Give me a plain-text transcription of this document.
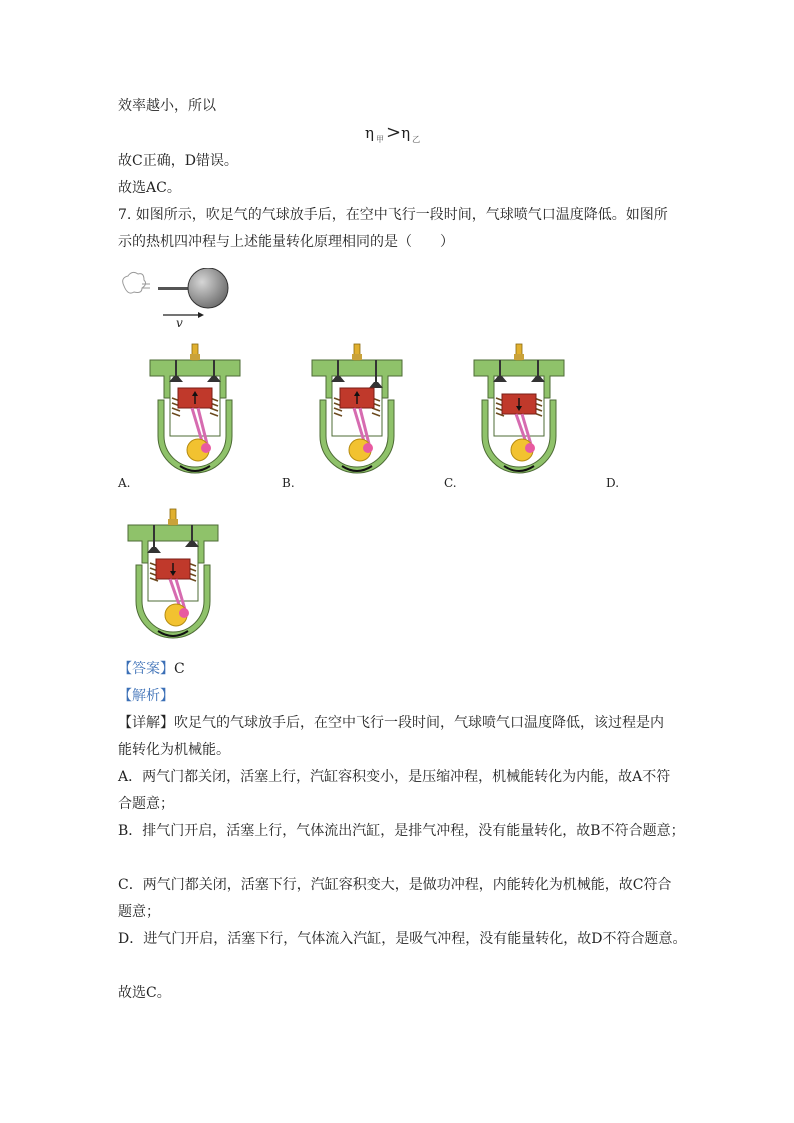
效率越小，所以
η $_甲$ >η $_乙$
故C正确，D错误。
故选AC。
7. 如图所示，吹足气的气球放手后，在空中飞行一段时间，气球喷气口温度降低。如图所
示的热机四冲程与上述能量转化原理相同的是（　　）
v
A.	B.	C.	D.
【答案】C
【解析】
【详解】吹足气的气球放手后，在空中飞行一段时间，气球喷气口温度降低，该过程是内
能转化为机械能。
A．两气门都关闭，活塞上行，汽缸容积变小，是压缩冲程，机械能转化为内能，故A不符
合题意；
B．排气门开启，活塞上行，气体流出汽缸，是排气冲程，没有能量转化，故B不符合题意；
C．两气门都关闭，活塞下行，汽缸容积变大，是做功冲程，内能转化为机械能，故C符合
题意；
D．进气门开启，活塞下行，气体流入汽缸，是吸气冲程，没有能量转化，故D不符合题意。
故选C。
